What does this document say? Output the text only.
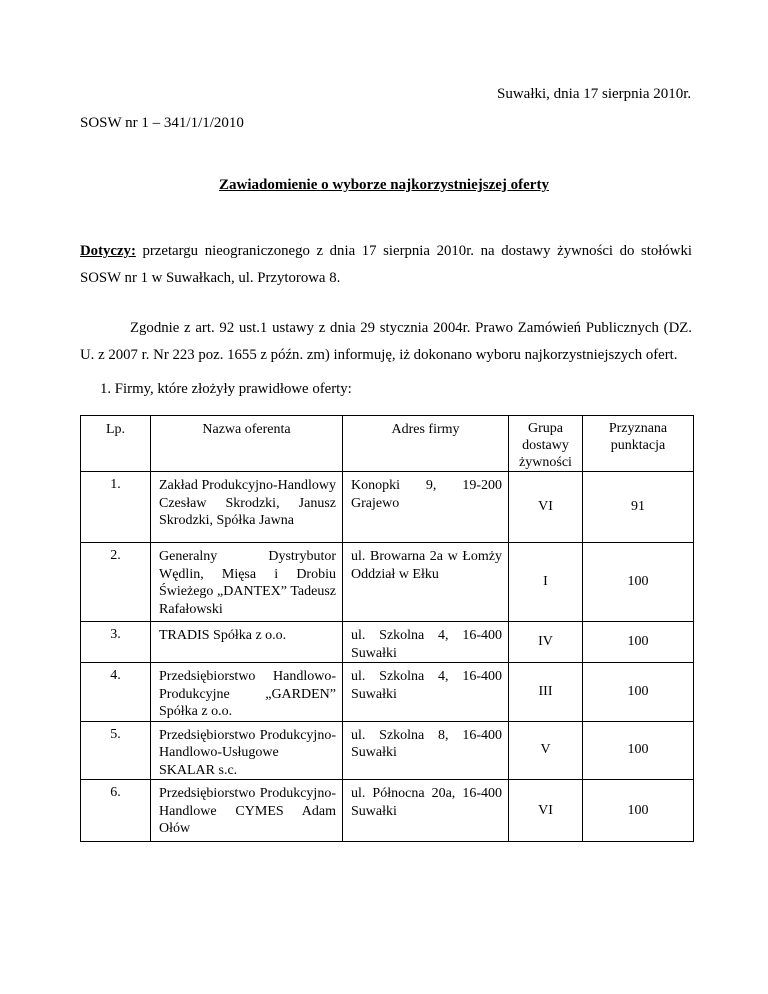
Suwałki, dnia 17 sierpnia 2010r.
SOSW nr 1 – 341/1/1/2010
Zawiadomienie o wyborze najkorzystniejszej oferty
Dotyczy: przetargu nieograniczonego z dnia 17 sierpnia 2010r. na dostawy żywności do stołówki SOSW nr 1 w Suwałkach, ul. Przytorowa 8.
Zgodnie z art. 92 ust.1 ustawy z dnia 29 stycznia 2004r. Prawo Zamówień Publicznych (DZ. U. z 2007 r. Nr 223 poz. 1655 z późn. zm) informuję, iż dokonano wyboru najkorzystniejszych ofert.
1. Firmy, które złożyły prawidłowe oferty:
Lp.	Nazwa oferenta	Adres firmy	Grupa dostawy żywności	Przyznana punktacja

1.	Zakład Produkcyjno-Handlowy Czesław Skrodzki, Janusz Skrodzki, Spółka Jawna	Konopki 9, 19-200 Grajewo	VI	91

2.	Generalny Dystrybutor Wędlin, Mięsa i Drobiu Świeżego „DANTEX” Tadeusz Rafałowski	ul. Browarna 2a w Łomży Oddział w Ełku	I	100

3.	TRADIS Spółka z o.o.	ul. Szkolna 4, 16-400 Suwałki	IV	100

4.	Przedsiębiorstwo Handlowo-Produkcyjne „GARDEN” Spółka z o.o.	ul. Szkolna 4, 16-400 Suwałki	III	100

5.	Przedsiębiorstwo Produkcyjno-Handlowo-Usługowe SKALAR s.c.	ul. Szkolna 8, 16-400 Suwałki	V	100

6.	Przedsiębiorstwo Produkcyjno-Handlowe CYMES Adam Ołów	ul. Północna 20a, 16-400 Suwałki	VI	100
